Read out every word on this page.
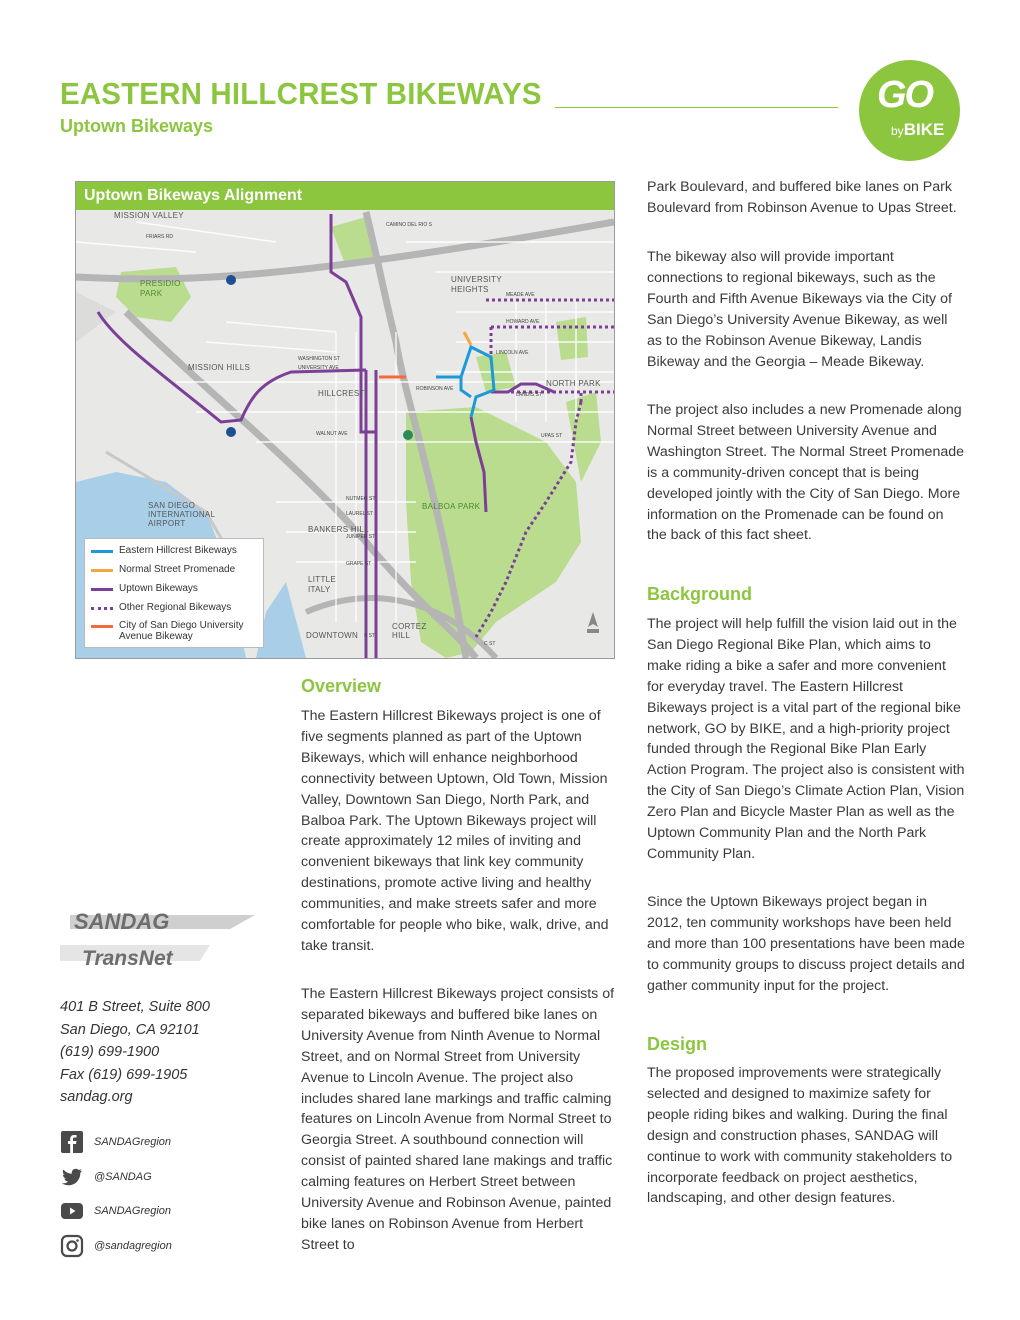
EASTERN HILLCREST BIKEWAYS
Uptown Bikeways
GO
byBIKE
MISSION VALLEY
PRESIDIO
PARK
MISSION HILLS
HILLCREST
UNIVERSITY
HEIGHTS
NORTH PARK
BALBOA PARK
SAN DIEGO
INTERNATIONAL
AIRPORT
BANKERS HILL
LITTLE
ITALY
CORTEZ
HILL
DOWNTOWN
WASHINGTON ST
UNIVERSITY AVE
ROBINSON AVE
UPAS ST
LAUREL ST
JUNIPER ST
GRAPE ST
NUTMEG ST
MEADE AVE
HOWARD AVE
LINCOLN AVE
LANDIS ST
WALNUT AVE
CAMINO DEL RIO S
FRIARS RD
B ST
C ST
Uptown Bikeways Alignment
Eastern Hillcrest Bikeways
Normal Street Promenade
Uptown Bikeways
Other Regional Bikeways
City of San Diego University Avenue Bikeway
Overview
The Eastern Hillcrest Bikeways project is one of five segments planned as part of the Uptown Bikeways, which will enhance neighborhood connectivity between Uptown, Old Town, Mission Valley, Downtown San Diego, North Park, and Balboa Park. The Uptown Bikeways project will create approximately 12 miles of inviting and convenient bikeways that link key community destinations, promote active living and healthy communities, and make streets safer and more comfortable for people who bike, walk, drive, and take transit.
The Eastern Hillcrest Bikeways project consists of separated bikeways and buffered bike lanes on University Avenue from Ninth Avenue to Normal Street, and on Normal Street from University Avenue to Lincoln Avenue. The project also includes shared lane markings and traffic calming features on Lincoln Avenue from Normal Street to Georgia Street. A southbound connection will consist of painted shared lane makings and traffic calming features on Herbert Street between University Avenue and Robinson Avenue, painted bike lanes on Robinson Avenue from Herbert Street to
Park Boulevard, and buffered bike lanes on Park Boulevard from Robinson Avenue to Upas Street.
The bikeway also will provide important connections to regional bikeways, such as the Fourth and Fifth Avenue Bikeways via the City of San Diego’s University Avenue Bikeway, as well as to the Robinson Avenue Bikeway, Landis Bikeway and the Georgia – Meade Bikeway.
The project also includes a new Promenade along Normal Street between University Avenue and Washington Street. The Normal Street Promenade is a community-driven concept that is being developed jointly with the City of San Diego. More information on the Promenade can be found on the back of this fact sheet.
Background
The project will help fulfill the vision laid out in the San Diego Regional Bike Plan, which aims to make riding a bike a safer and more convenient for everyday travel. The Eastern Hillcrest Bikeways project is a vital part of the regional bike network, GO by BIKE, and a high-priority project funded through the Regional Bike Plan Early Action Program. The project also is consistent with the City of San Diego’s Climate Action Plan, Vision Zero Plan and Bicycle Master Plan as well as the Uptown Community Plan and the North Park Community Plan.
Since the Uptown Bikeways project began in 2012, ten community workshops have been held and more than 100 presentations have been made to community groups to discuss project details and gather community input for the project.
Design
The proposed improvements were strategically selected and designed to maximize safety for people riding bikes and walking. During the final design and construction phases, SANDAG will continue to work with community stakeholders to incorporate feedback on project aesthetics, landscaping, and other design features.
SANDAG
TransNet
401 B Street, Suite 800
San Diego, CA 92101
(619) 699-1900
Fax (619) 699-1905
sandag.org
SANDAGregion
@SANDAG
SANDAGregion
@sandagregion
